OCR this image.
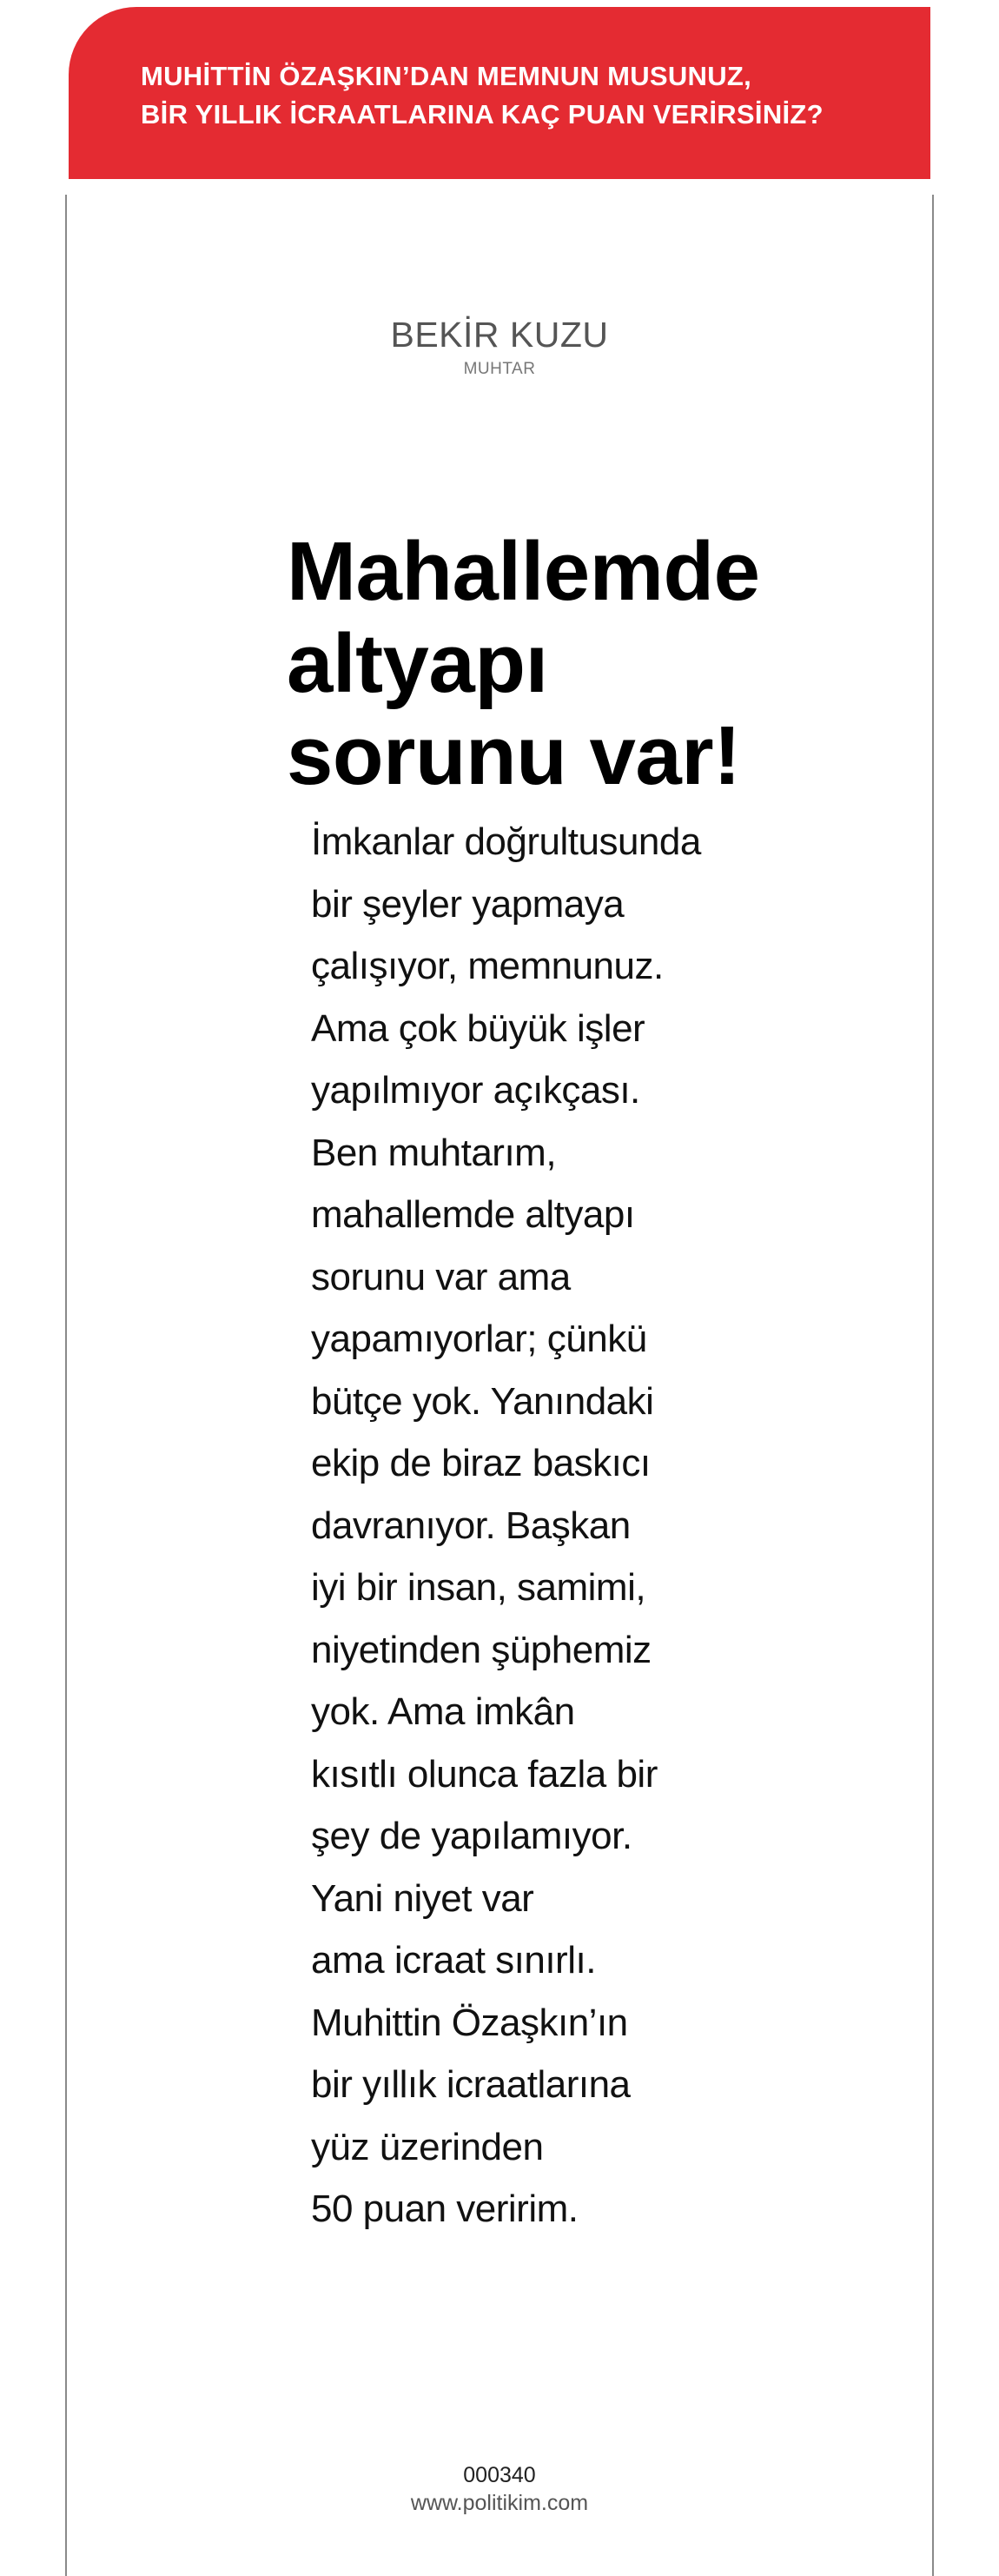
MUHİTTİN ÖZAŞKIN’DAN MEMNUN MUSUNUZ,
BİR YILLIK İCRAATLARINA KAÇ PUAN VERİRSİNİZ?
BEKİR KUZU
MUHTAR
Mahallemde
altyapı
sorunu var!
İmkanlar doğrultusunda
bir şeyler yapmaya
çalışıyor, memnunuz.
Ama çok büyük işler
yapılmıyor açıkçası.
Ben muhtarım,
mahallemde altyapı
sorunu var ama
yapamıyorlar; çünkü
bütçe yok. Yanındaki
ekip de biraz baskıcı
davranıyor. Başkan
iyi bir insan, samimi,
niyetinden şüphemiz
yok. Ama imkân
kısıtlı olunca fazla bir
şey de yapılamıyor.
Yani niyet var
ama icraat sınırlı.
Muhittin Özaşkın’ın
bir yıllık icraatlarına
yüz üzerinden
50 puan veririm.
000340
www.politikim.com
